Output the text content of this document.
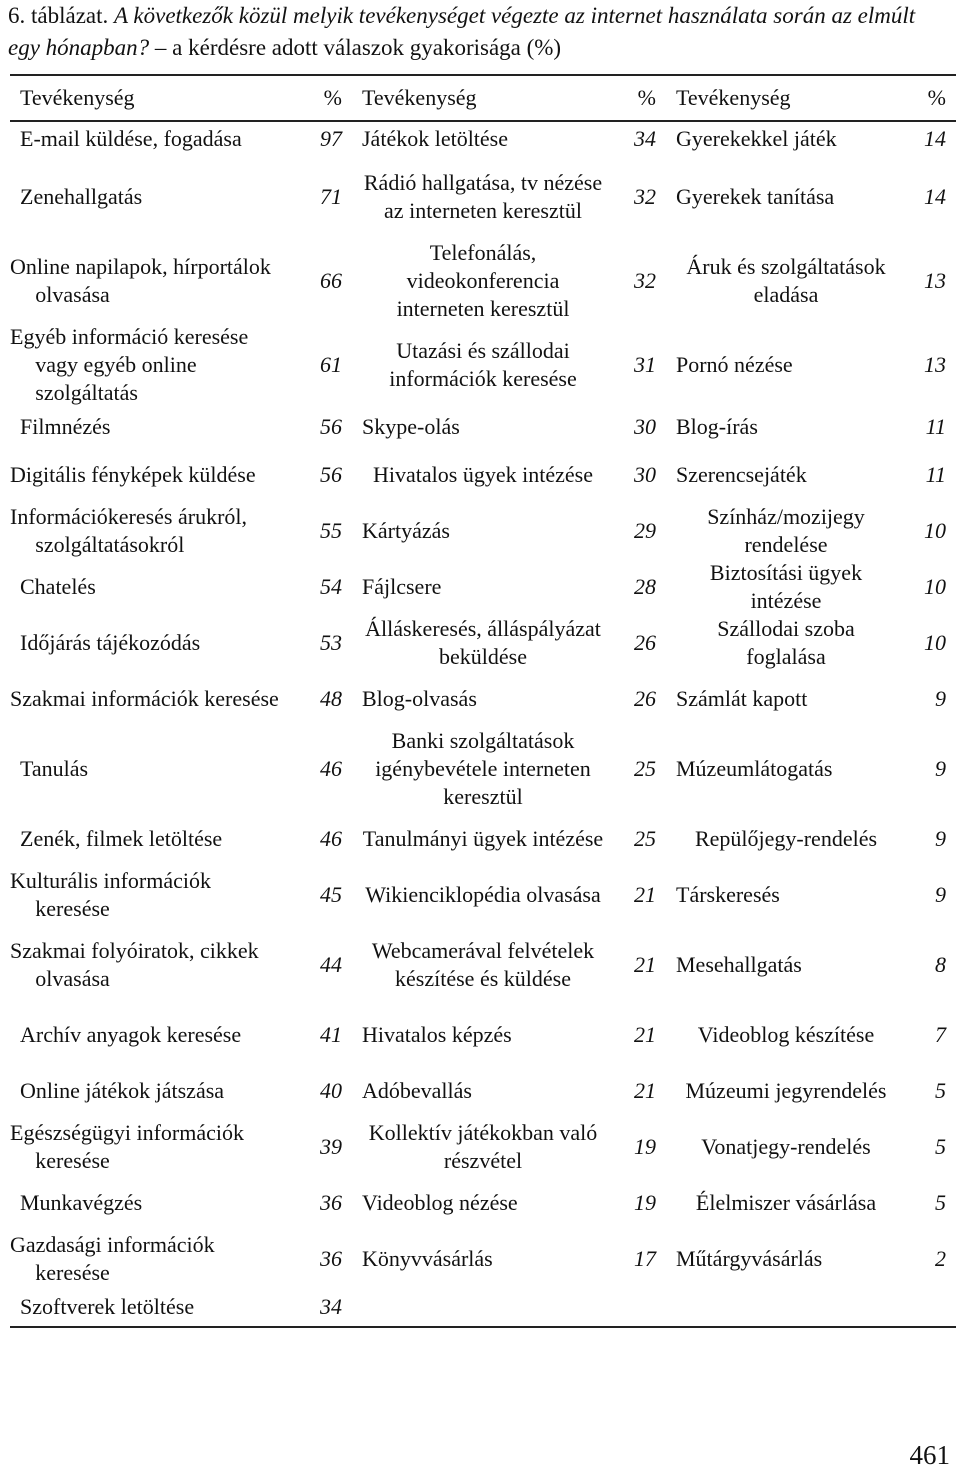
6. táblázat. A következők közül melyik tevékenységet végezte az internet használata során az elmúlt egy hónapban? – a kérdésre adott válaszok gyakorisága (%)
Tevékenység	%	Tevékenység	%	Tevékenység	%
E-mail küldése, fogadása	97	Játékok letöltése	34	Gyerekekkel játék	14
Zenehallgatás	71	Rádió hallgatása, tv nézése az interneten keresztül	32	Gyerekek tanítása	14
Online napilapok, hírportálok olvasása	66	Telefonálás, videokonferencia interneten keresztül	32	Áruk és szolgáltatások eladása	13
Egyéb információ keresése vagy egyéb online szolgáltatás	61	Utazási és szállodai információk keresése	31	Pornó nézése	13
Filmnézés	56	Skype-olás	30	Blog-írás	11
Digitális fényképek küldése	56	Hivatalos ügyek intézése	30	Szerencsejáték	11
Információkeresés árukról, szolgáltatásokról	55	Kártyázás	29	Színház/mozijegy rendelése	10
Chatelés	54	Fájlcsere	28	Biztosítási ügyek intézése	10
Időjárás tájékozódás	53	Álláskeresés, álláspályázat beküldése	26	Szállodai szoba foglalása	10
Szakmai információk keresése	48	Blog-olvasás	26	Számlát kapott	9
Tanulás	46	Banki szolgáltatások igénybevétele interneten keresztül	25	Múzeumlátogatás	9
Zenék, filmek letöltése	46	Tanulmányi ügyek intézése	25	Repülőjegy-rendelés	9
Kulturális információk keresése	45	Wikienciklopédia olvasása	21	Társkeresés	9
Szakmai folyóiratok, cikkek olvasása	44	Webcamerával felvételek készítése és küldése	21	Mesehallgatás	8
Archív anyagok keresése	41	Hivatalos képzés	21	Videoblog készítése	7
Online játékok játszása	40	Adóbevallás	21	Múzeumi jegyrendelés	5
Egészségügyi információk keresése	39	Kollektív játékokban való részvétel	19	Vonatjegy-rendelés	5
Munkavégzés	36	Videoblog nézése	19	Élelmiszer vásárlása	5
Gazdasági információk keresése	36	Könyvvásárlás	17	Műtárgyvásárlás	2
Szoftverek letöltése	34				
461
